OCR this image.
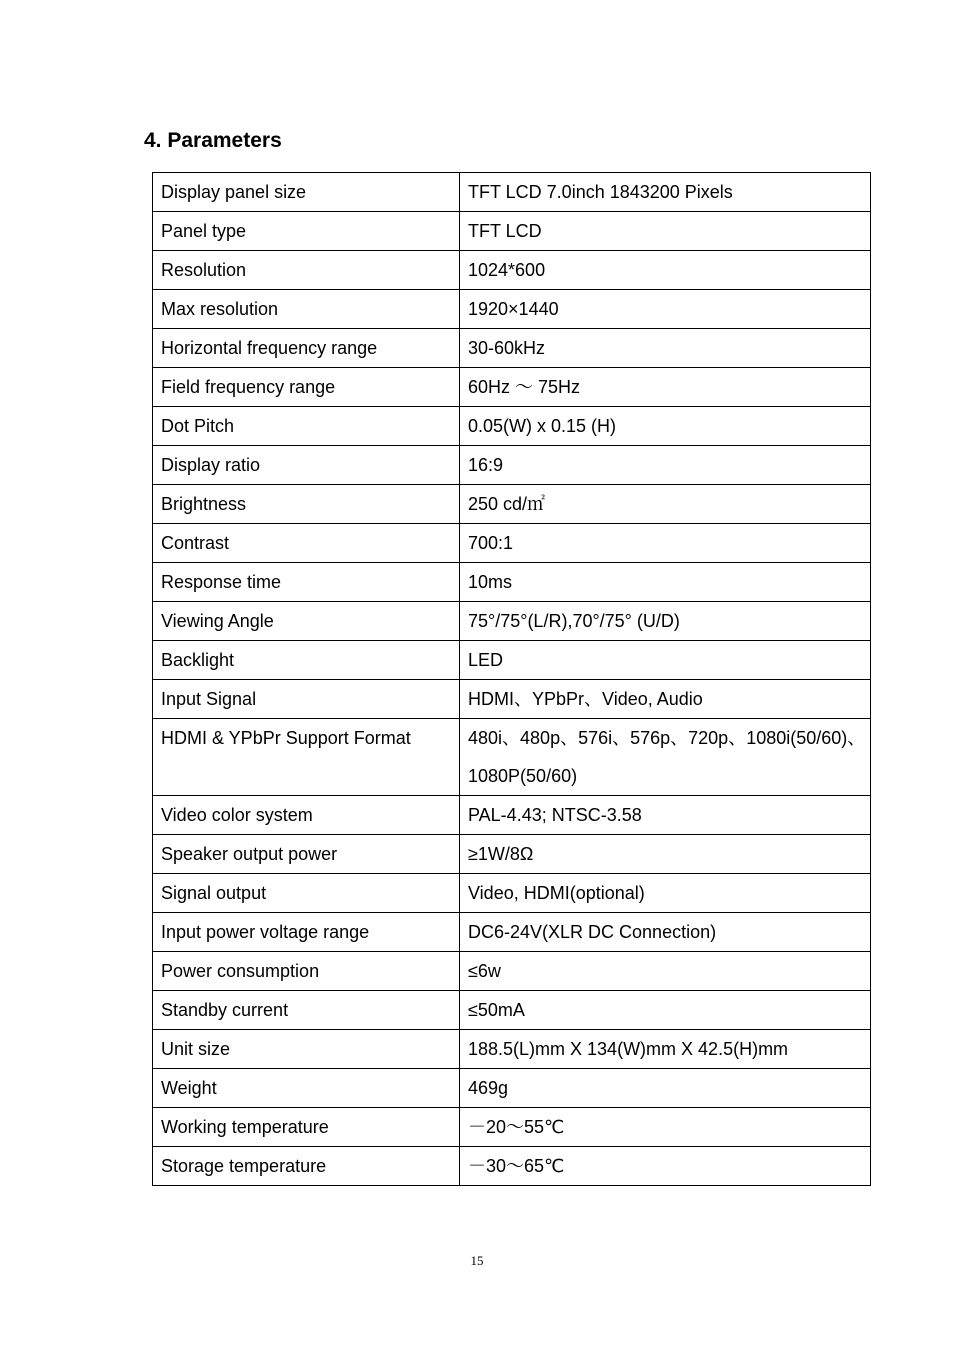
4. Parameters
Display panel size	TFT LCD 7.0inch 1843200 Pixels
Panel type	TFT LCD
Resolution	1024*600
Max resolution	1920×1440
Horizontal frequency range	30-60kHz
Field frequency range	60Hz ～ 75Hz
Dot Pitch	0.05(W) x 0.15 (H)
Display ratio	16:9
Brightness	250 cd/㎡
Contrast	700:1
Response time	10ms
Viewing Angle	75°/75°(L/R),70°/75° (U/D)
Backlight	LED
Input Signal	HDMI、YPbPr、Video, Audio
HDMI & YPbPr Support Format	480i、480p、576i、576p、720p、1080i(50/60)、
1080P(50/60)

Video color system	PAL-4.43; NTSC-3.58
Speaker output power	≥1W/8Ω
Signal output	Video, HDMI(optional)
Input power voltage range	DC6-24V(XLR DC Connection)
Power consumption	≤6w
Standby current	≤50mA
Unit size	188.5(L)mm X 134(W)mm X 42.5(H)mm
Weight	469g
Working temperature	－20～55℃
Storage temperature	－30～65℃
15
